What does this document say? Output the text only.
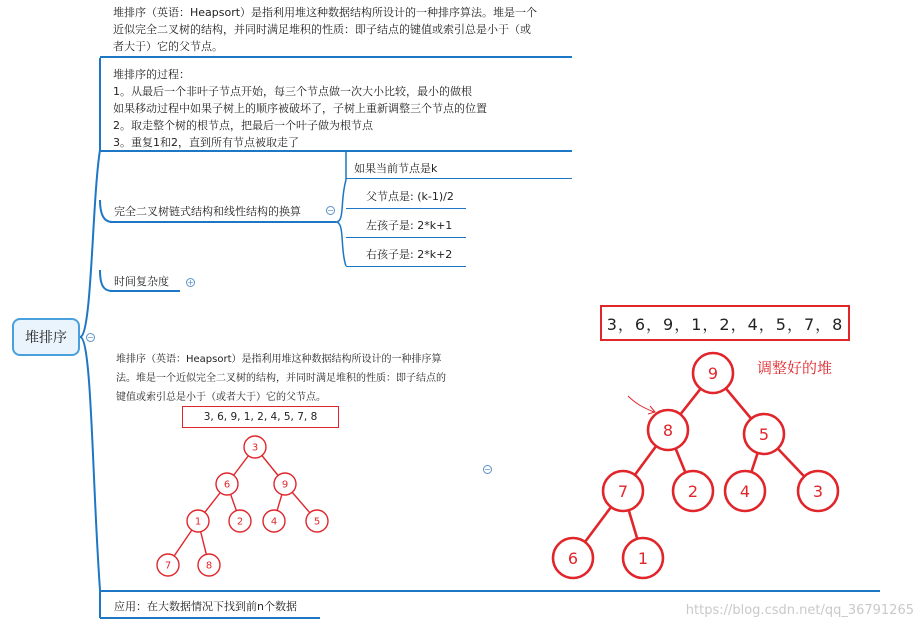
堆排序	−
堆排序（英语：Heapsort）是指利用堆这种数据结构所设计的一种排序算法。堆是一个
近似完全二叉树的结构，并同时满足堆积的性质：即子结点的键值或索引总是小于（或
者大于）它的父节点。
堆排序的过程：
1。从最后一个非叶子节点开始，每三个节点做一次大小比较，最小的做根
如果移动过程中如果子树上的顺序被破坏了，子树上重新调整三个节点的位置
2。取走整个树的根节点，把最后一个叶子做为根节点
3。重复1和2，直到所有节点被取走了
完全二叉树链式结构和线性结构的换算	−
如果当前节点是k
父节点是: (k-1)/2
左孩子是: 2*k+1
右孩子是: 2*k+2
时间复杂度 +
−
堆排序（英语：Heapsort）是指利用堆这种数据结构所设计的一种排序算
法。堆是一个近似完全二叉树的结构，并同时满足堆积的性质：即子结点的
键值或索引总是小于（或者大于）它的父节点。
3, 6, 9, 1, 2, 4, 5, 7, 8
3
6	9
1	2	4	5
7	8
3，6，9，1，2，4，5，7，8
调整好的堆
9
8	5
7	2	4	3
6	1
应用：在大数据情况下找到前n个数据	https://blog.csdn.net/qq_36791265
